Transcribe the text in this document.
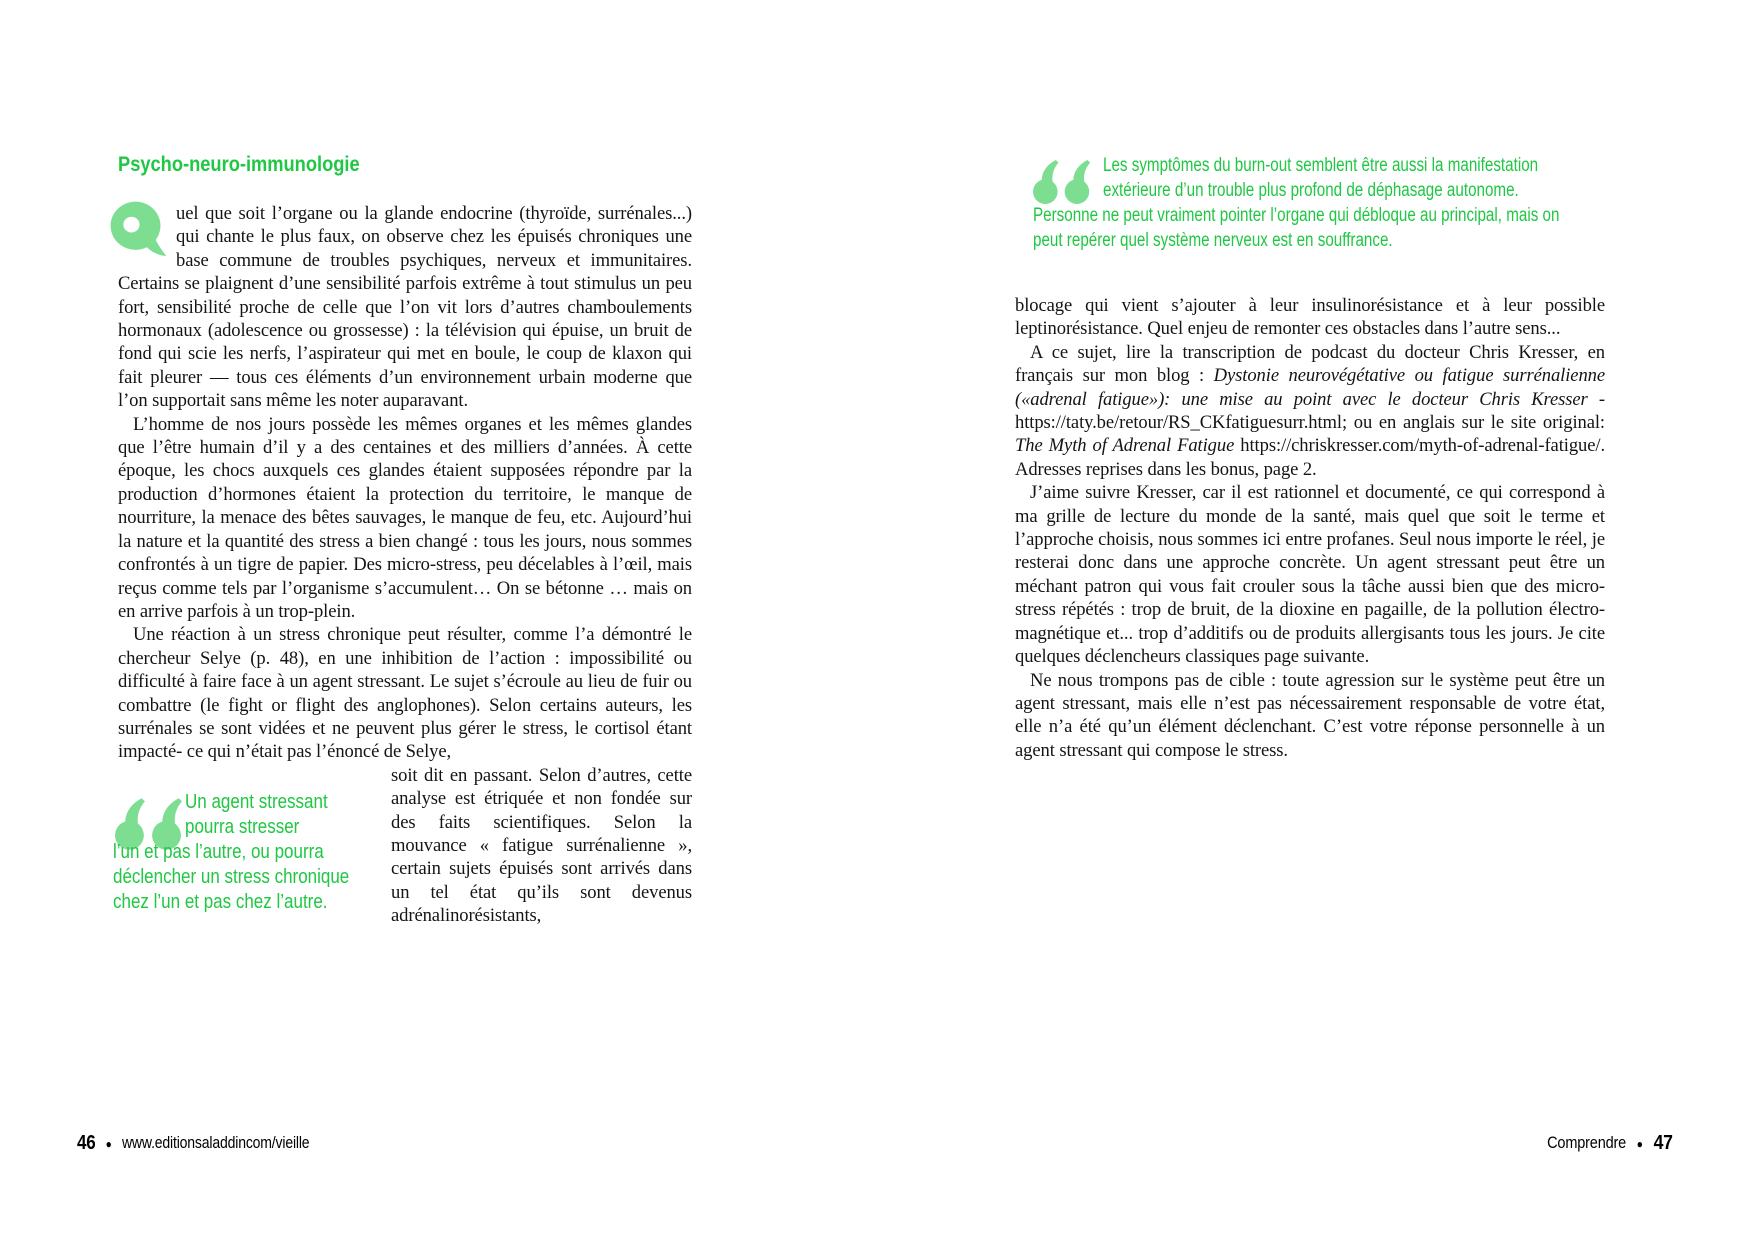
Psycho-neuro-immunologie

uel que soit l’organe ou la glande endocrine (thyroïde, surrénales...) qui chante le plus faux, on observe chez les épuisés chroniques une base commune de troubles psychiques, nerveux et immunitaires. Certains se plaignent d’une sensibilité parfois extrême à tout stimulus un peu fort, sensibilité proche de celle que l’on vit lors d’autres chamboulements hormonaux (adolescence ou grossesse) : la télévision qui épuise, un bruit de fond qui scie les nerfs, l’aspirateur qui met en boule, le coup de klaxon qui fait pleurer — tous ces éléments d’un environnement urbain moderne que l’on supportait sans même les noter auparavant.

L’homme de nos jours possède les mêmes organes et les mêmes glandes que l’être humain d’il y a des centaines et des milliers d’années. À cette époque, les chocs auxquels ces glandes étaient supposées répondre par la production d’hormones étaient la protection du territoire, le manque de nourriture, la menace des bêtes sauvages, le manque de feu, etc. Aujourd’hui la nature et la quantité des stress a bien changé : tous les jours, nous sommes confrontés à un tigre de papier. Des micro-stress, peu décelables à l’œil, mais reçus comme tels par l’organisme s’accumulent… On se bétonne … mais on en arrive parfois à un trop-plein.

Une réaction à un stress chronique peut résulter, comme l’a démontré le chercheur Selye (p. 48), en une inhibition de l’action : impossibilité ou difficulté à faire face à un agent stressant. Le sujet s’écroule au lieu de fuir ou combattre (le fight or flight des anglophones). Selon certains auteurs, les surrénales se sont vidées et ne peuvent plus gérer le stress, le cortisol étant impacté- ce qui n’était pas l’énoncé de Selye,

Un agent stressant
pourra stresser
l’un et pas l’autre, ou pourra
déclencher un stress chronique
chez l’un et pas chez l’autre.

soit dit en passant. Selon d’autres, cette analyse est étriquée et non fondée sur des faits scientifiques. Selon la mouvance « fatigue surrénalienne », certain sujets épuisés sont arrivés dans un tel état qu’ils sont devenus adrénalinorésistants,

Les symptômes du burn-out semblent être aussi la manifestation
extérieure d’un trouble plus profond de déphasage autonome.
Personne ne peut vraiment pointer l’organe qui débloque au principal, mais on
peut repérer quel système nerveux est en souffrance.

blocage qui vient s’ajouter à leur insulinorésistance et à leur possible leptinorésistance. Quel enjeu de remonter ces obstacles dans l’autre sens...

A ce sujet, lire la transcription de podcast du docteur Chris Kresser, en français sur mon blog : Dystonie neurovégétative ou fatigue surrénalienne («adrenal fatigue»): une mise au point avec le docteur Chris Kresser - https://taty.be/retour/RS_CKfatiguesurr.html; ou en anglais sur le site original: The Myth of Adrenal Fatigue https://chriskresser.com/myth-of-adrenal-fatigue/. Adresses reprises dans les bonus, page 2.

J’aime suivre Kresser, car il est rationnel et documenté, ce qui correspond à ma grille de lecture du monde de la santé, mais quel que soit le terme et l’approche choisis, nous sommes ici entre profanes. Seul nous importe le réel, je resterai donc dans une approche concrète. Un agent stressant peut être un méchant patron qui vous fait crouler sous la tâche aussi bien que des micro-stress répétés : trop de bruit, de la dioxine en pagaille, de la pollution électro-magnétique et... trop d’additifs ou de produits allergisants tous les jours. Je cite quelques déclencheurs classiques page suivante.

Ne nous trompons pas de cible : toute agression sur le système peut être un agent stressant, mais elle n’est pas nécessairement responsable de votre état, elle n’a été qu’un élément déclenchant. C’est votre réponse personnelle à un agent stressant qui compose le stress.

46 ● www.editionsaladdincom/vieille	Comprendre ● 47
